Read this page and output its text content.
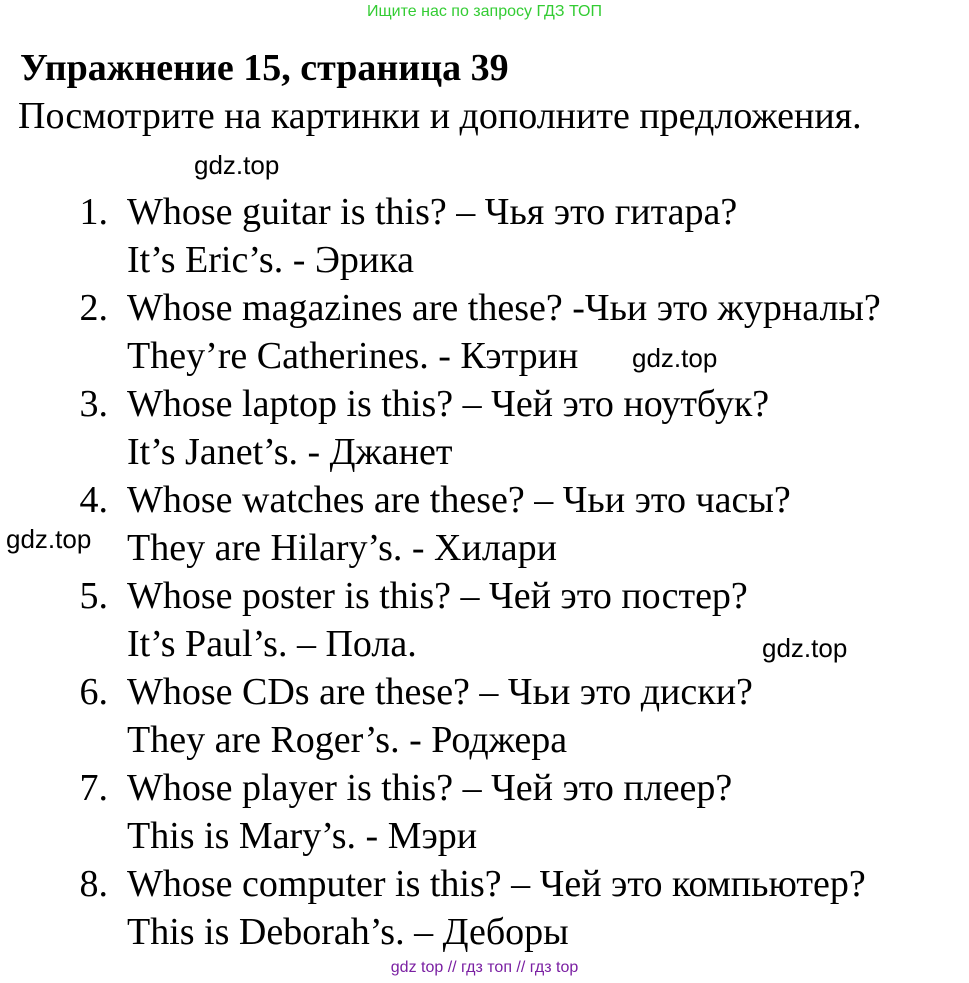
Ищите нас по запросу ГДЗ ТОП
Упражнение 15, страница 39
Посмотрите на картинки и дополните предложения.
gdz.top
gdz.top
gdz.top
gdz.top
1. Whose guitar is this? – Чья это гитара?
It’s Eric’s. - Эрика
2. Whose magazines are these? -Чьи это журналы?
They’re Catherines. - Кэтрин
3. Whose laptop is this? – Чей это ноутбук?
It’s Janet’s. - Джанет
4. Whose watches are these? – Чьи это часы?
They are Hilary’s. - Хилари
5. Whose poster is this? – Чей это постер?
It’s Paul’s. – Пола.
6. Whose CDs are these? – Чьи это диски?
They are Roger’s. - Роджера
7. Whose player is this? – Чей это плеер?
This is Mary’s. - Мэри
8. Whose computer is this? – Чей это компьютер?
This is Deborah’s. – Деборы
gdz top // гдз топ // гдз top
